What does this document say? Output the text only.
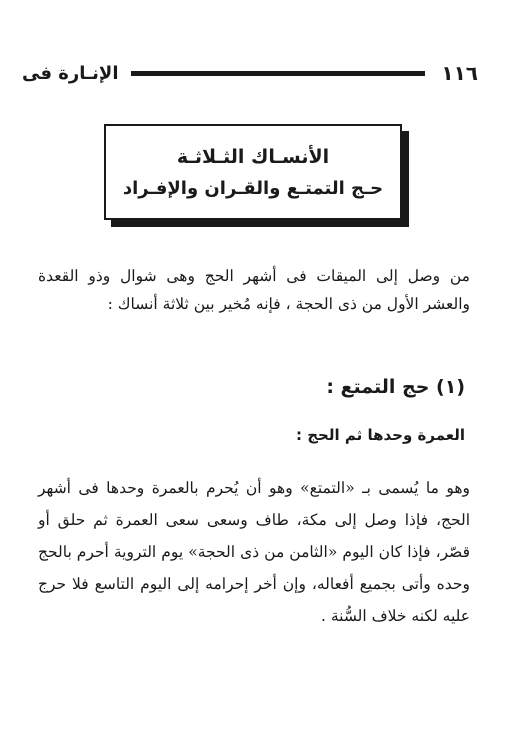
١١٦
الإنـارة فى
الأنسـاك الثـلاثـة
حـج التمتـع والقـران والإفـراد

من وصل إلى الميقات فى أشهر الحج وهى شوال وذو القعدة والعشر الأول من ذى الحجة ، فإنه مُخير بين ثلاثة أنساك :

(١) حج التمتع :
العمرة وحدها ثم الحج :

وهو ما يُسمى بـ «التمتع» وهو أن يُحرم بالعمرة وحدها فى أشهر الحج، فإذا وصل إلى مكة، طاف وسعى سعى العمرة ثم حلق أو قصّر، فإذا كان اليوم «الثامن من ذى الحجة» يوم التروية أحرم بالحج وحده وأتى بجميع أفعاله، وإن أخر إحرامه إلى اليوم التاسع فلا حرج عليه لكنه خلاف السُّنة .
